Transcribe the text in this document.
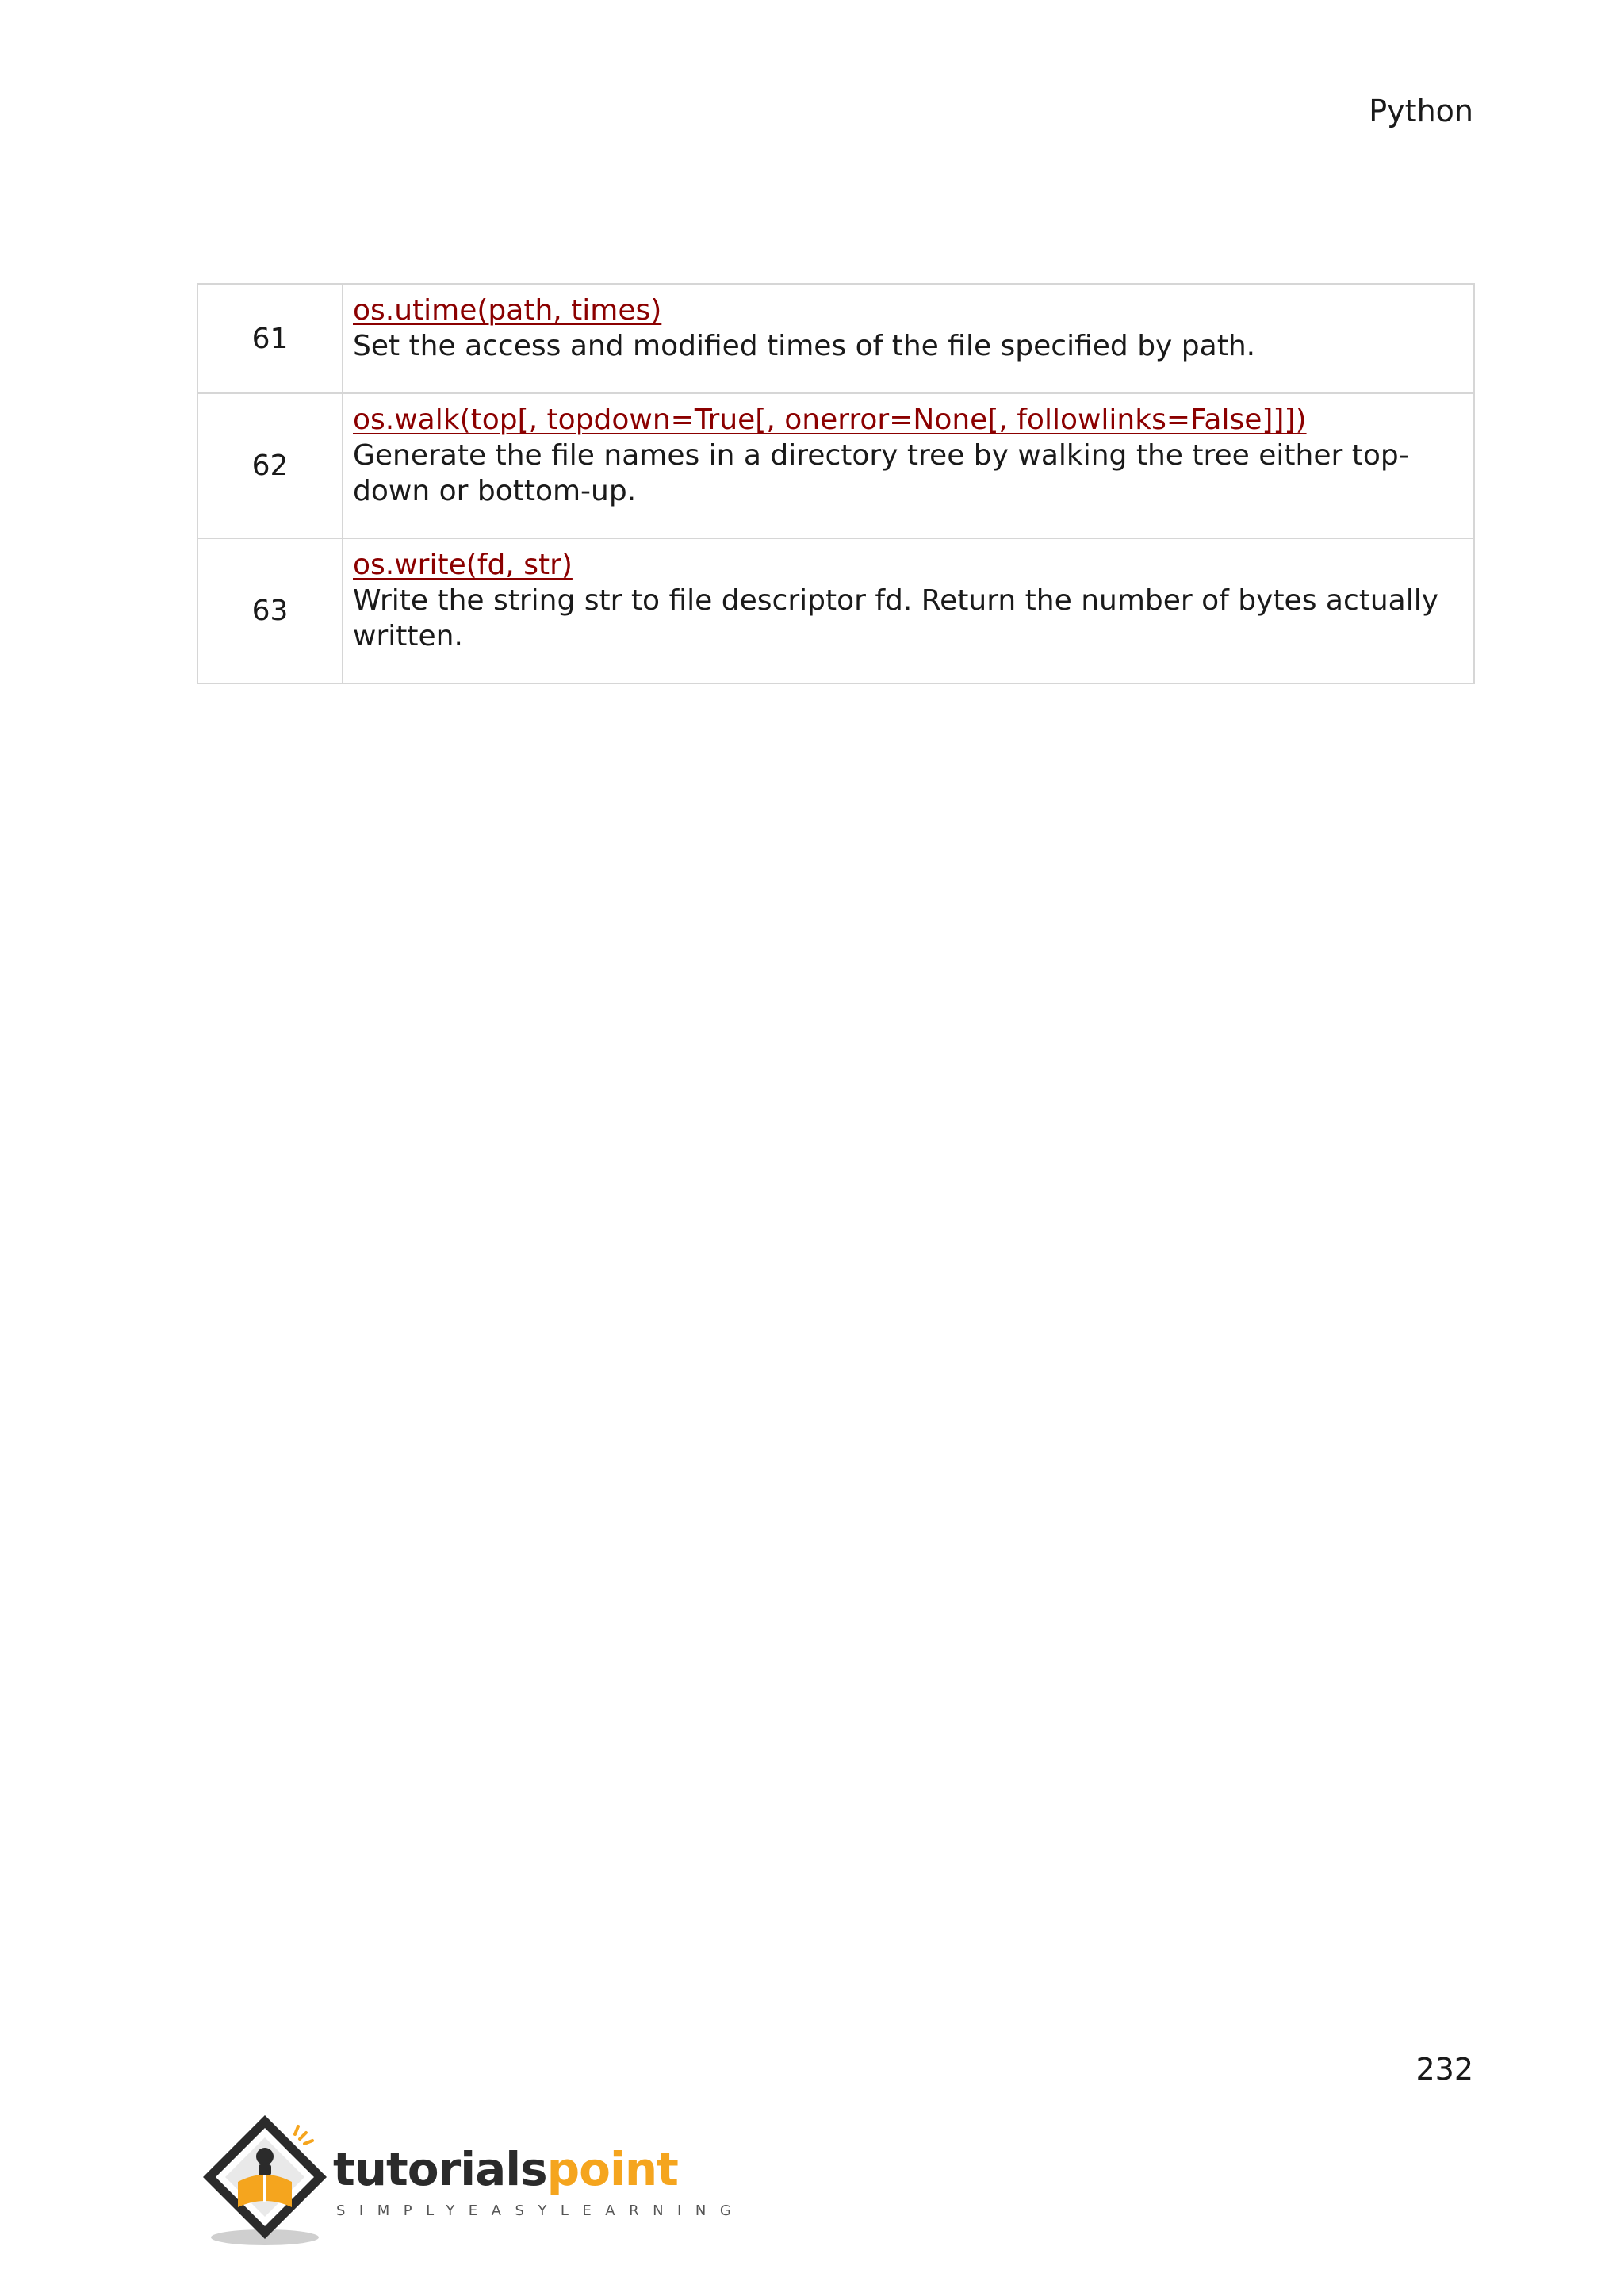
Python
61	os.utime(path, times)
Set the access and modified times of the file specified by path.

62	os.walk(top[, topdown=True[, onerror=None[, followlinks=False]]])
Generate the file names in a directory tree by walking the tree either top-down or bottom-up.

63	os.write(fd, str)
Write the string str to file descriptor fd. Return the number of bytes actually written.
232
tutorialspoint
SIMPLYEASYLEARNING
